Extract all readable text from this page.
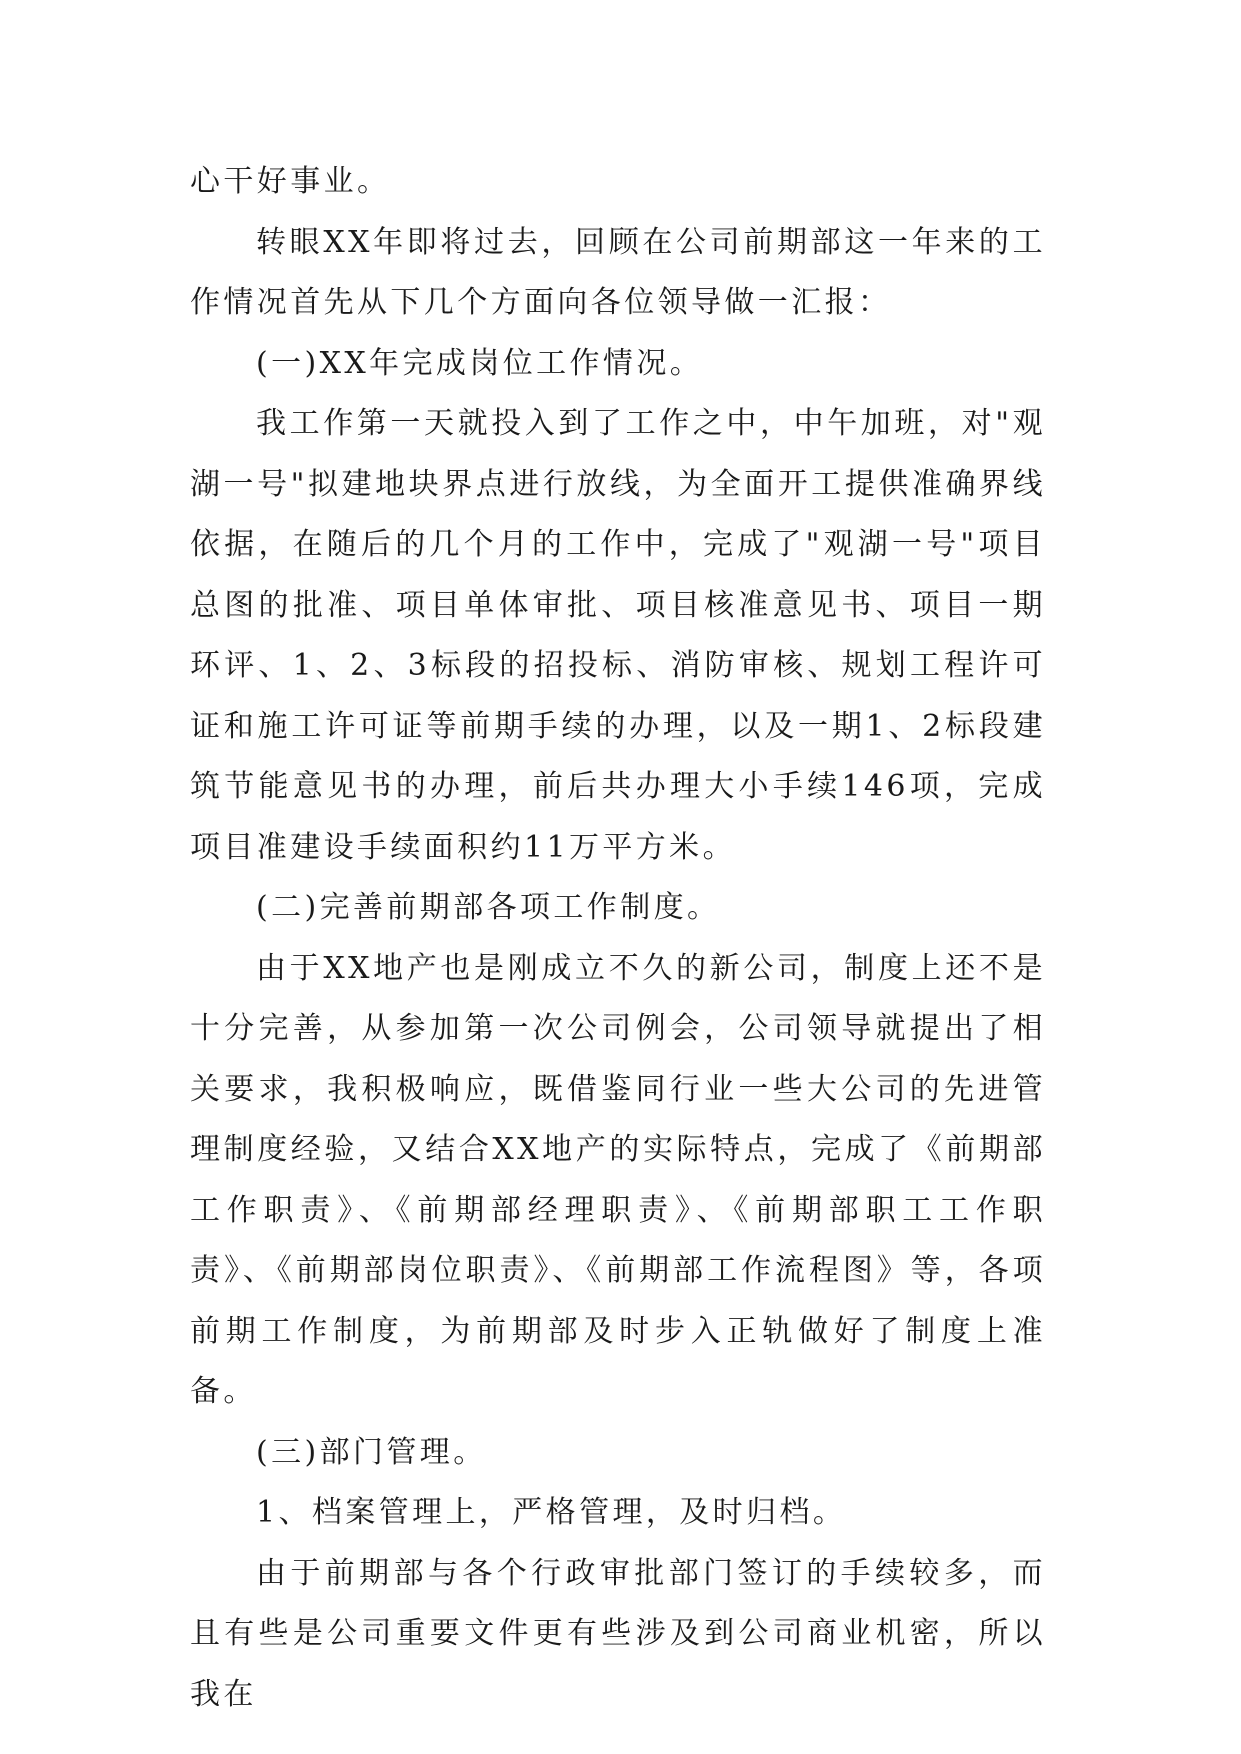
心干好事业。

转眼XX年即将过去，回顾在公司前期部这一年来的工作情况首先从下几个方面向各位领导做一汇报：

(一)XX年完成岗位工作情况。

我工作第一天就投入到了工作之中，中午加班，对"观湖一号"拟建地块界点进行放线，为全面开工提供准确界线依据，在随后的几个月的工作中，完成了"观湖一号"项目总图的批准、项目单体审批、项目核准意见书、项目一期环评、1、2、3标段的招投标、消防审核、规划工程许可证和施工许可证等前期手续的办理，以及一期1、2标段建筑节能意见书的办理，前后共办理大小手续146项，完成项目准建设手续面积约11万平方米。

(二)完善前期部各项工作制度。

由于XX地产也是刚成立不久的新公司，制度上还不是十分完善，从参加第一次公司例会，公司领导就提出了相关要求，我积极响应，既借鉴同行业一些大公司的先进管理制度经验，又结合XX地产的实际特点，完成了《前期部工作职责》、《前期部经理职责》、《前期部职工工作职责》、《前期部岗位职责》、《前期部工作流程图》等，各项前期工作制度，为前期部及时步入正轨做好了制度上准备。

(三)部门管理。

1、档案管理上，严格管理，及时归档。

由于前期部与各个行政审批部门签订的手续较多，而且有些是公司重要文件更有些涉及到公司商业机密，所以我在
